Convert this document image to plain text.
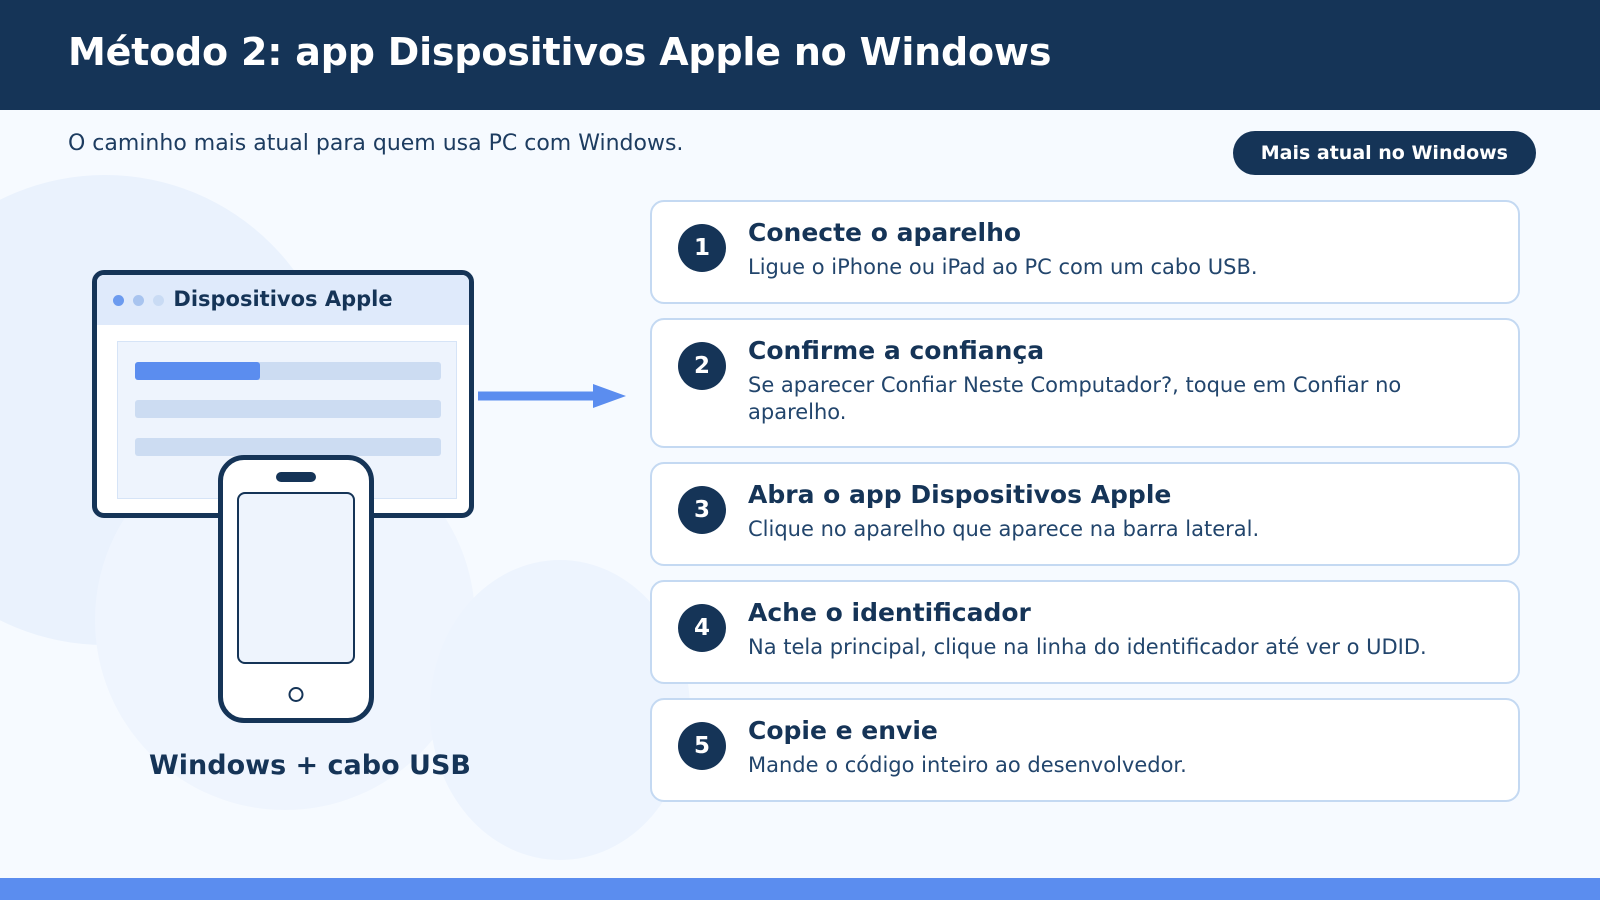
Método 2: app Dispositivos Apple no Windows
O caminho mais atual para quem usa PC com Windows.	Mais atual no Windows
Dispositivos Apple
Windows + cabo USB
1

Conecte o aparelho

Ligue o iPhone ou iPad ao PC com um cabo USB.

2

Confirme a confiança

Se aparecer Confiar Neste Computador?, toque em Confiar no aparelho.

3

Abra o app Dispositivos Apple

Clique no aparelho que aparece na barra lateral.

4

Ache o identificador

Na tela principal, clique na linha do identificador até ver o UDID.

5

Copie e envie

Mande o código inteiro ao desenvolvedor.
